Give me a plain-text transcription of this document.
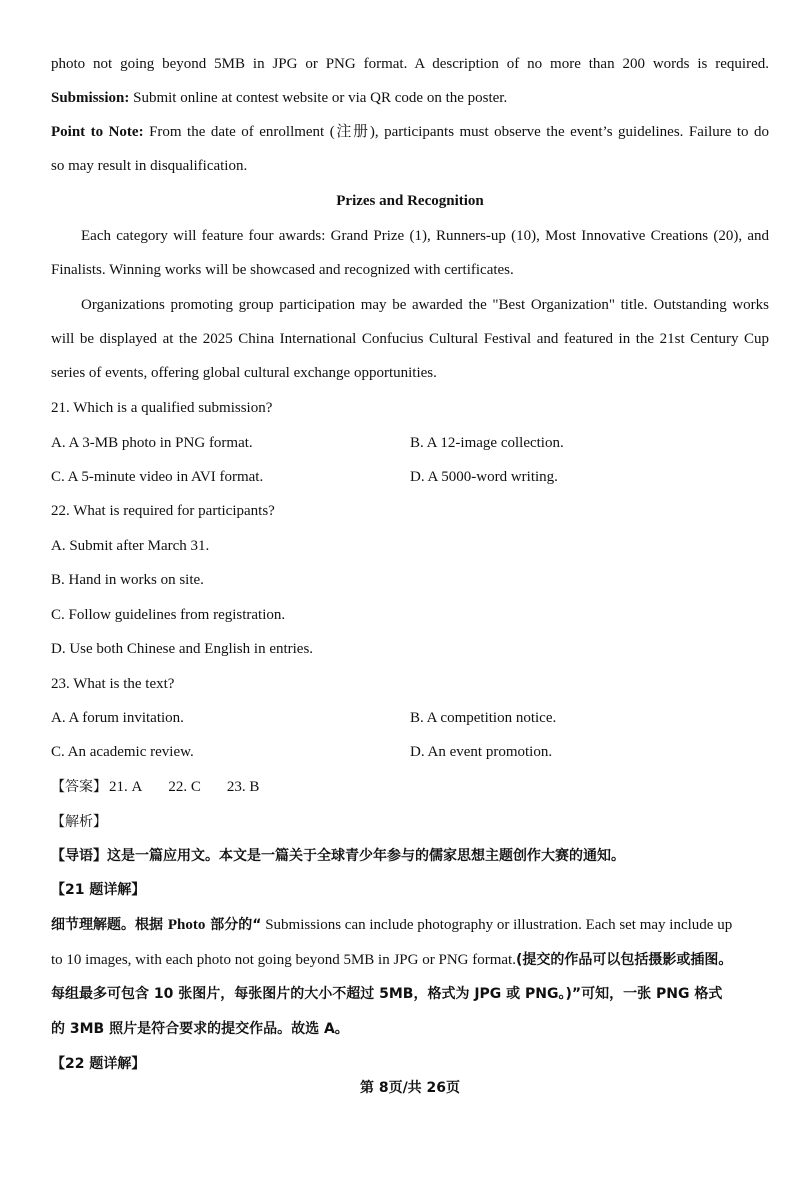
photo not going beyond 5MB in JPG or PNG format. A description of no more than 200 words is required.
Submission: Submit online at contest website or via QR code on the poster.
Point to Note: From the date of enrollment (注册), participants must observe the event’s guidelines. Failure to do
so may result in disqualification.
Prizes and Recognition
Each category will feature four awards: Grand Prize (1), Runners-up (10), Most Innovative Creations (20), and
Finalists. Winning works will be showcased and recognized with certificates.
Organizations promoting group participation may be awarded the "Best Organization" title. Outstanding works
will be displayed at the 2025 China International Confucius Cultural Festival and featured in the 21st Century Cup
series of events, offering global cultural exchange opportunities.
21. Which is a qualified submission?
A. A 3-MB photo in PNG format.	B. A 12-image collection.
C. A 5-minute video in AVI format.	D. A 5000-word writing.
22. What is required for participants?
A. Submit after March 31.
B. Hand in works on site.
C. Follow guidelines from registration.
D. Use both Chinese and English in entries.
23. What is the text?
A. A forum invitation.	B. A competition notice.
C. An academic review.	D. An event promotion.
【答案】 21. A 22. C 23. B
【解析】
【导语】这是一篇应用文。本文是一篇关于全球青少年参与的儒家思想主题创作大赛的通知。
【21 题详解】
细节理解题。根据 Photo 部分的“ Submissions can include photography or illustration. Each set may include up
to 10 images, with each photo not going beyond 5MB in JPG or PNG format.(提交的作品可以包括摄影或插图。
每组最多可包含 10 张图片，每张图片的大小不超过 5MB，格式为 JPG 或 PNG。)”可知，一张 PNG 格式
的 3MB 照片是符合要求的提交作品。故选 A。
【22 题详解】
第 8页/共 26页
